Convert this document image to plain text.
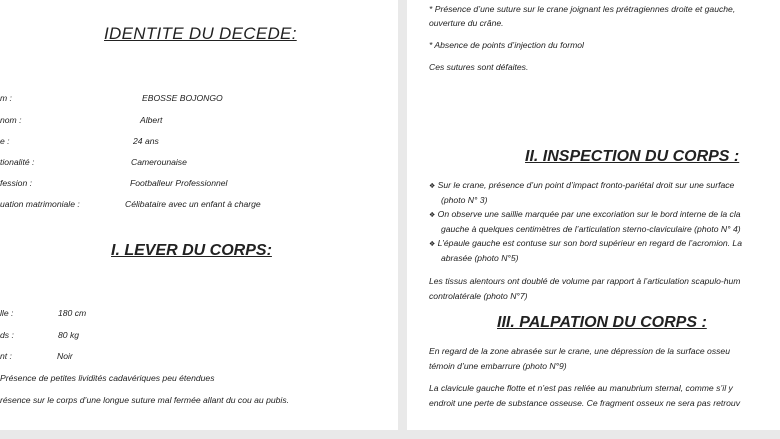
IDENTITE DU DECEDE:
m :	EBOSSE BOJONGO
nom :	Albert
e :	24 ans
tionalité :	Camerounaise
fession :	Footballeur Professionnel
uation matrimoniale :	Célibataire avec un enfant à charge
I. LEVER DU CORPS:
lle :	180 cm
ds :	80 kg
nt :	Noir
Présence de petites lividités cadavériques peu étendues
résence sur le corps d’une longue suture mal fermée allant du cou au pubis.
* Présence d’une suture sur le crane joignant les prétragiennes droite et gauche,
ouverture du crâne.
* Absence de points d’injection du formol
Ces sutures sont défaites.
II. INSPECTION DU CORPS :
❖ Sur le crane, présence d’un point d’impact fronto-pariétal droit sur une surface
(photo N° 3)
❖ On observe une saillie marquée par une excoriation sur le bord interne de la cla
gauche à quelques centimètres de l’articulation sterno-claviculaire (photo N° 4)
❖ L’épaule gauche est contuse sur son bord supérieur en regard de l’acromion. La
abrasée (photo N°5)
Les tissus alentours ont doublé de volume par rapport à l’articulation scapulo-hum
controlatérale (photo N°7)
III. PALPATION DU CORPS :
En regard de la zone abrasée sur le crane, une dépression de la surface osseu
témoin d’une embarrure (photo N°9)
La clavicule gauche flotte et n’est pas reliée au manubrium sternal, comme s’il y
endroit une perte de substance osseuse. Ce fragment osseux ne sera pas retrouv
